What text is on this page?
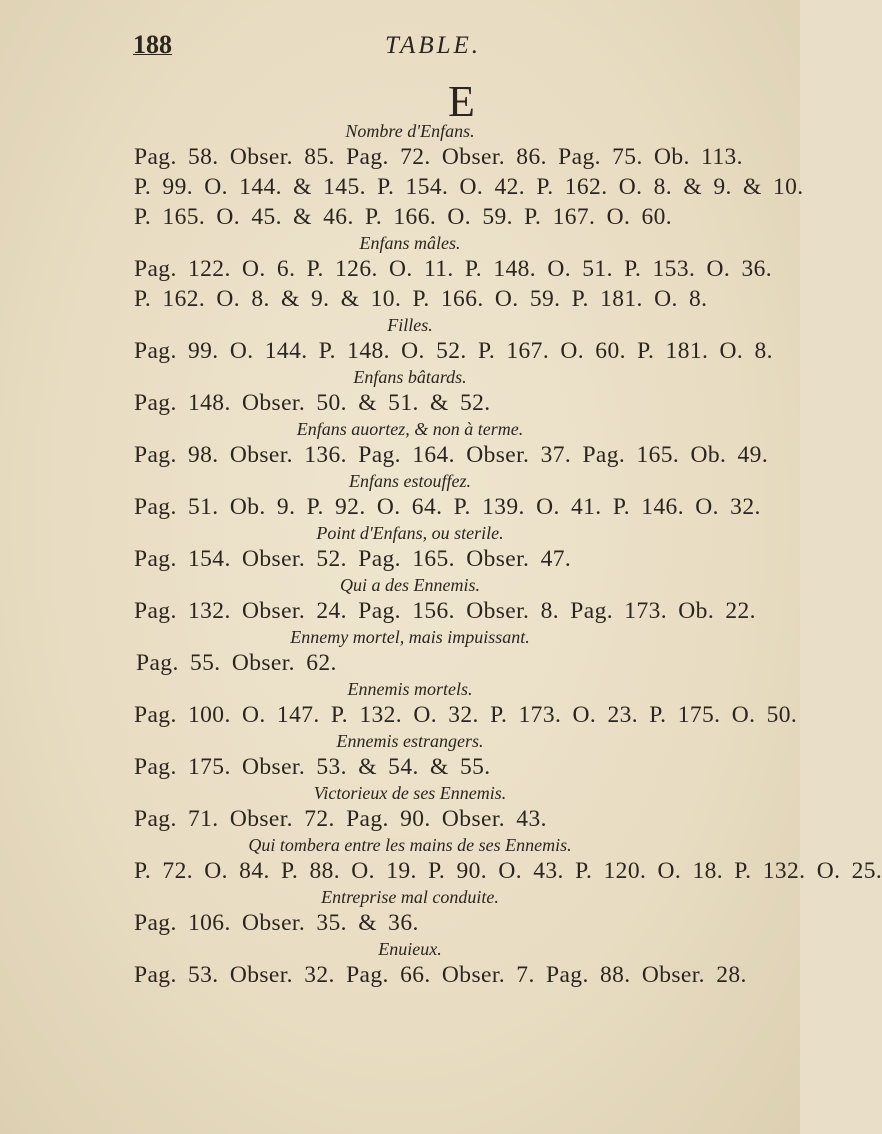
188	TABLE.
E
Nombre d'Enfans.
Pag. 58. Obser. 85. Pag. 72. Obser. 86. Pag. 75. Ob. 113.
P. 99. O. 144. & 145. P. 154. O. 42. P. 162. O. 8. & 9. & 10.
P. 165. O. 45. & 46. P. 166. O. 59. P. 167. O. 60.
Enfans mâles.
Pag. 122. O. 6. P. 126. O. 11. P. 148. O. 51. P. 153. O. 36.
P. 162. O. 8. & 9. & 10. P. 166. O. 59. P. 181. O. 8.
Filles.
Pag. 99. O. 144. P. 148. O. 52. P. 167. O. 60. P. 181. O. 8.
Enfans bâtards.
Pag. 148. Obser. 50. & 51. & 52.
Enfans auortez, & non à terme.
Pag. 98. Obser. 136. Pag. 164. Obser. 37. Pag. 165. Ob. 49.
Enfans estouffez.
Pag. 51. Ob. 9. P. 92. O. 64. P. 139. O. 41. P. 146. O. 32.
Point d'Enfans, ou sterile.
Pag. 154. Obser. 52. Pag. 165. Obser. 47.
Qui a des Ennemis.
Pag. 132. Obser. 24. Pag. 156. Obser. 8. Pag. 173. Ob. 22.
Ennemy mortel, mais impuissant.
Pag. 55. Obser. 62.
Ennemis mortels.
Pag. 100. O. 147. P. 132. O. 32. P. 173. O. 23. P. 175. O. 50.
Ennemis estrangers.
Pag. 175. Obser. 53. & 54. & 55.
Victorieux de ses Ennemis.
Pag. 71. Obser. 72. Pag. 90. Obser. 43.
Qui tombera entre les mains de ses Ennemis.
P. 72. O. 84. P. 88. O. 19. P. 90. O. 43. P. 120. O. 18. P. 132. O. 25.
Entreprise mal conduite.
Pag. 106. Obser. 35. & 36.
Enuieux.
Pag. 53. Obser. 32. Pag. 66. Obser. 7. Pag. 88. Obser. 28.
